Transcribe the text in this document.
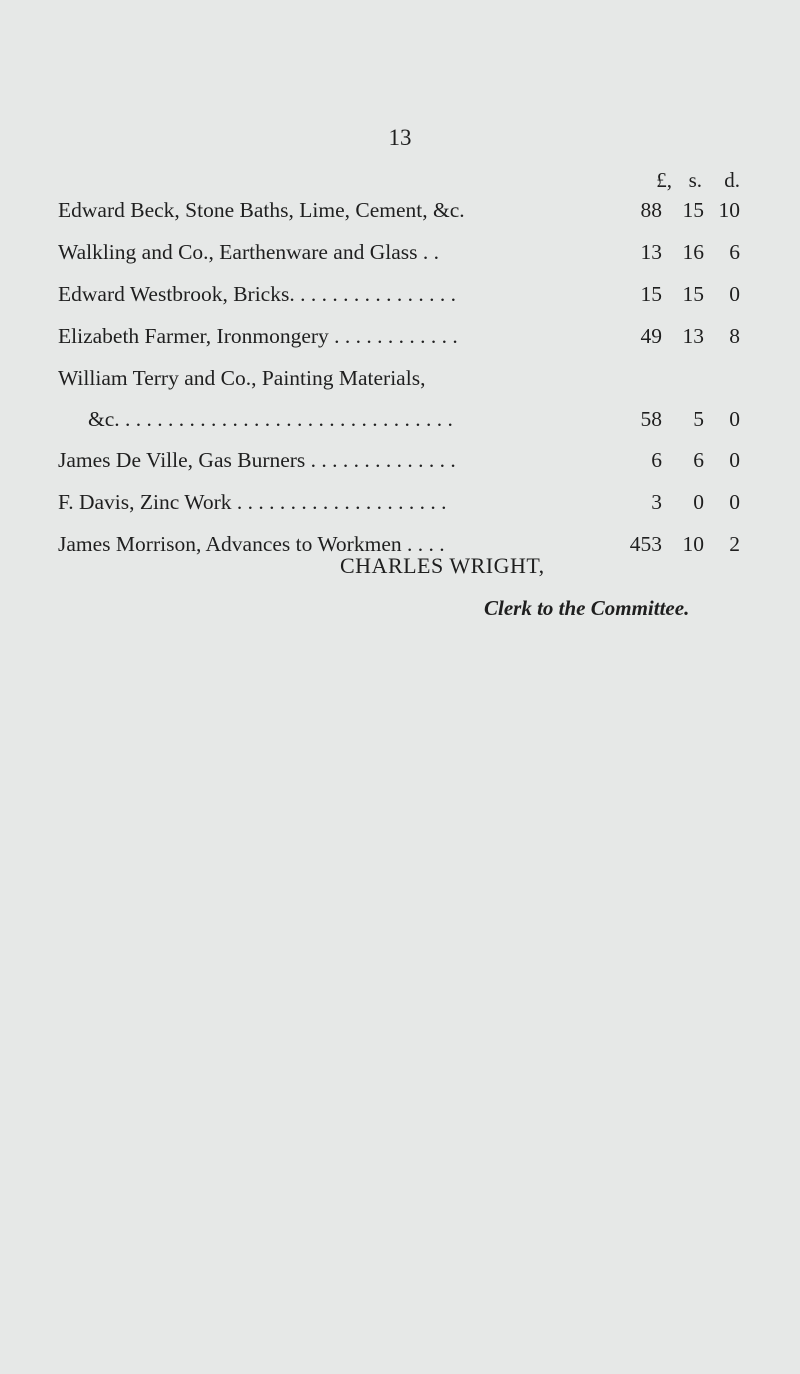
13
£, s.	d.
Edward Beck, Stone Baths, Lime, Cement, &c.	88 15 10
Walkling and Co., Earthenware and Glass . .	13 16	6
Edward Westbrook, Bricks. . . . . . . . . . . . . . . .	15 15	0
Elizabeth Farmer, Ironmongery . . . . . . . . . . . .	49 13	8
William Terry and Co., Painting Materials,
&c. . . . . . . . . . . . . . . . . . . . . . . . . . . . . . . .	58	5	0
James De Ville, Gas Burners . . . . . . . . . . . . . .	6	6	0
F. Davis, Zinc Work . . . . . . . . . . . . . . . . . . . .	3	0	0
James Morrison, Advances to Workmen . . . .	453 10	2
CHARLES WRIGHT,
Clerk to the Committee.
